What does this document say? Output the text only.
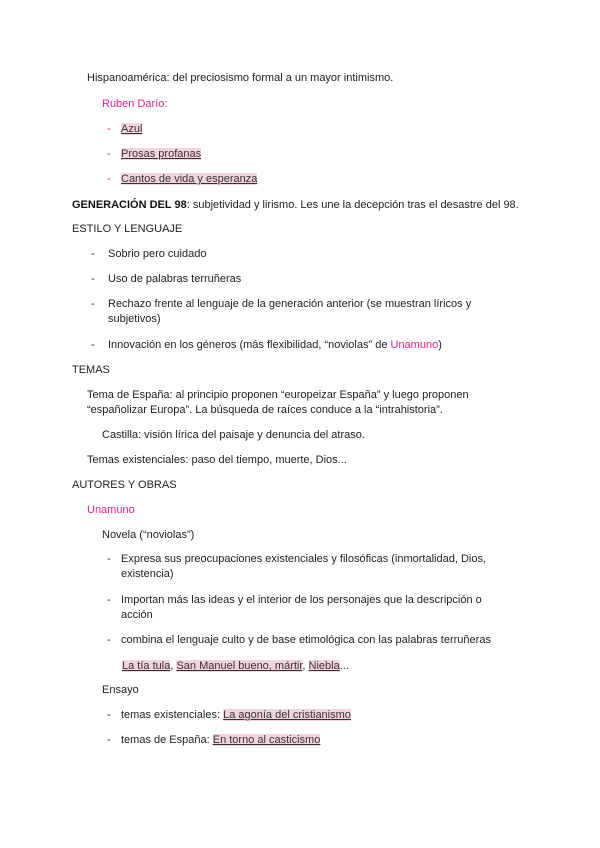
Hispanoamérica: del preciosismo formal a un mayor intimismo.
Ruben Darío:
- Azul
- Prosas profanas
- Cantos de vida y esperanza
GENERACIÓN DEL 98: subjetividad y lirismo. Les une la decepción tras el desastre del 98.
ESTILO Y LENGUAJE
- Sobrio pero cuidado
- Uso de palabras terruñeras
- Rechazo frente al lenguaje de la generación anterior (se muestran líricos y
subjetivos)
- Innovación en los géneros (más flexibilidad, “noviolas” de Unamuno)
TEMAS
Tema de España: al principio proponen “europeizar España” y luego proponen
“españolizar Europa”. La búsqueda de raíces conduce a la “intrahistoria”.
Castilla: visión lírica del paisaje y denuncia del atraso.
Temas existenciales: paso del tiempo, muerte, Dios...
AUTORES Y OBRAS
Unamuno
Novela (“noviolas”)
- Expresa sus preocupaciones existenciales y filosóficas (inmortalidad, Dios,
existencia)
- Importan más las ideas y el interior de los personajes que la descripción o
acción
- combina el lenguaje culto y de base etimológica con las palabras terruñeras
La tía tula, San Manuel bueno, mártir, Niebla...
Ensayo
- temas existenciales: La agonía del cristianismo
- temas de España: En torno al casticismo
